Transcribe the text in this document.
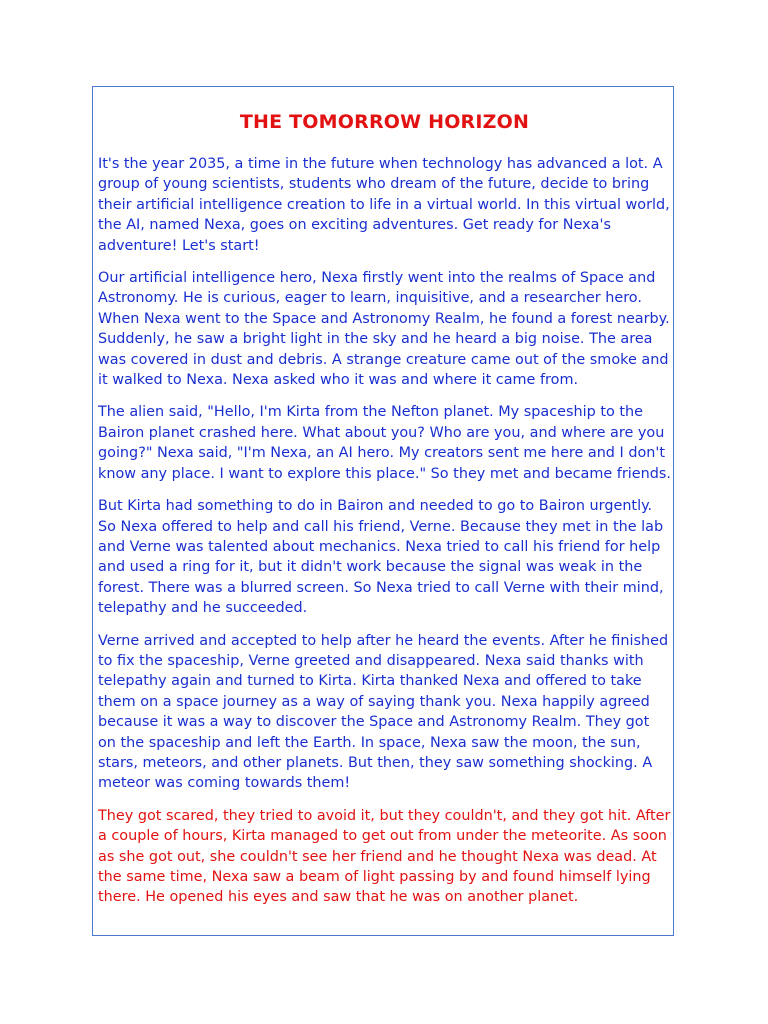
THE TOMORROW HORIZON

It's the year 2035, a time in the future when technology has advanced a lot. A group of young scientists, students who dream of the future, decide to bring their artificial intelligence creation to life in a virtual world. In this virtual world, the AI, named Nexa, goes on exciting adventures. Get ready for Nexa's adventure! Let's start!

Our artificial intelligence hero, Nexa firstly went into the realms of Space and Astronomy. He is curious, eager to learn, inquisitive, and a researcher hero. When Nexa went to the Space and Astronomy Realm, he found a forest nearby. Suddenly, he saw a bright light in the sky and he heard a big noise. The area was covered in dust and debris. A strange creature came out of the smoke and it walked to Nexa. Nexa asked who it was and where it came from.

The alien said, "Hello, I'm Kirta from the Nefton planet. My spaceship to the Bairon planet crashed here. What about you? Who are you, and where are you going?" Nexa said, "I'm Nexa, an AI hero. My creators sent me here and I don't know any place. I want to explore this place." So they met and became friends.

But Kirta had something to do in Bairon and needed to go to Bairon urgently. So Nexa offered to help and call his friend, Verne. Because they met in the lab and Verne was talented about mechanics. Nexa tried to call his friend for help and used a ring for it, but it didn't work because the signal was weak in the forest. There was a blurred screen. So Nexa tried to call Verne with their mind, telepathy and he succeeded.

Verne arrived and accepted to help after he heard the events. After he finished to fix the spaceship, Verne greeted and disappeared. Nexa said thanks with telepathy again and turned to Kirta. Kirta thanked Nexa and offered to take them on a space journey as a way of saying thank you. Nexa happily agreed because it was a way to discover the Space and Astronomy Realm. They got on the spaceship and left the Earth. In space, Nexa saw the moon, the sun, stars, meteors, and other planets. But then, they saw something shocking. A meteor was coming towards them!

They got scared, they tried to avoid it, but they couldn't, and they got hit. After a couple of hours, Kirta managed to get out from under the meteorite. As soon as she got out, she couldn't see her friend and he thought Nexa was dead. At the same time, Nexa saw a beam of light passing by and found himself lying there. He opened his eyes and saw that he was on another planet.
